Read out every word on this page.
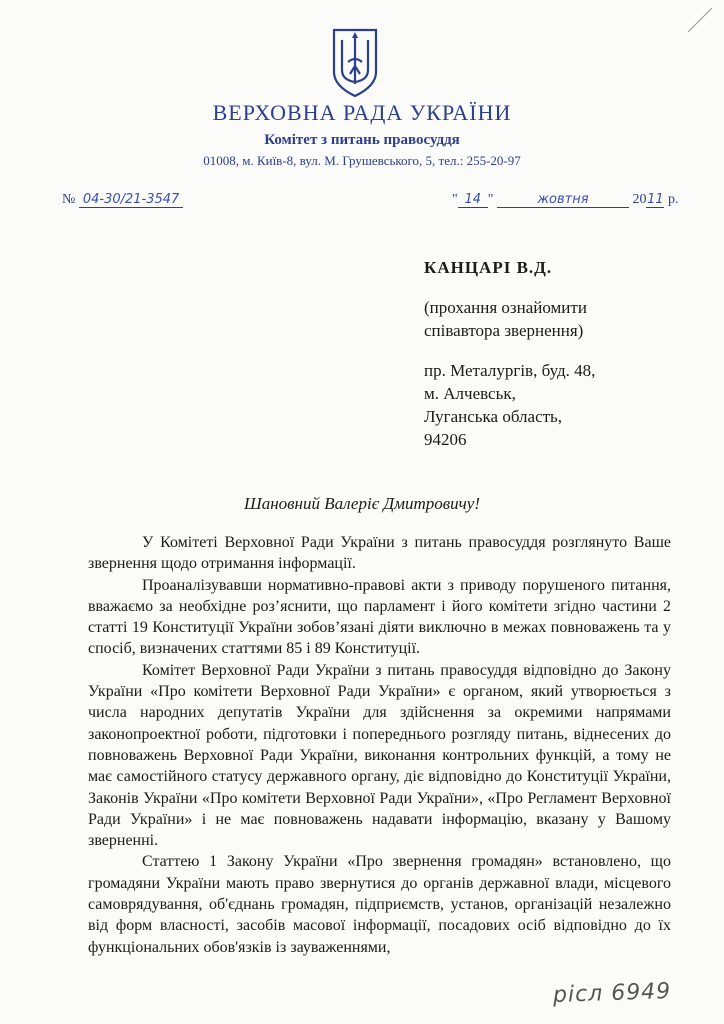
ВЕРХОВНА РАДА УКРАЇНИ
Комітет з питань правосуддя
01008, м. Київ-8, вул. М. Грушевського, 5, тел.: 255-20-97
№ 04-30/21-3547	" 14 "	жовтня	2011 р.
КАНЦАРІ В.Д.
(прохання ознайомити
співавтора звернення)
пр. Металургів, буд. 48,
м. Алчевськ,
Луганська область,
94206
Шановний Валеріє Дмитровичу!

У Комітеті Верховної Ради України з питань правосуддя розглянуто Ваше звернення щодо отримання інформації.

Проаналізувавши нормативно-правові акти з приводу порушеного питання, вважаємо за необхідне роз’яснити, що парламент і його комітети згідно частини 2 статті 19 Конституції України зобов’язані діяти виключно в межах повноважень та у спосіб, визначених статтями 85 і 89 Конституції.

Комітет Верховної Ради України з питань правосуддя відповідно до Закону України «Про комітети Верховної Ради України» є органом, який утворюється з числа народних депутатів України для здійснення за окремими напрямами законопроектної роботи, підготовки і попереднього розгляду питань, віднесених до повноважень Верховної Ради України, виконання контрольних функцій, а тому не має самостійного статусу державного органу, діє відповідно до Конституції України, Законів України «Про комітети Верховної Ради України», «Про Регламент Верховної Ради України» і не має повноважень надавати інформацію, вказану у Вашому зверненні.

Статтею 1 Закону України «Про звернення громадян» встановлено, що громадяни України мають право звернутися до органів державної влади, місцевого самоврядування, об'єднань громадян, підприємств, установ, організацій незалежно від форм власності, засобів масової інформації, посадових осіб відповідно до їх функціональних обов'язків із зауваженнями,

рісл 6949
